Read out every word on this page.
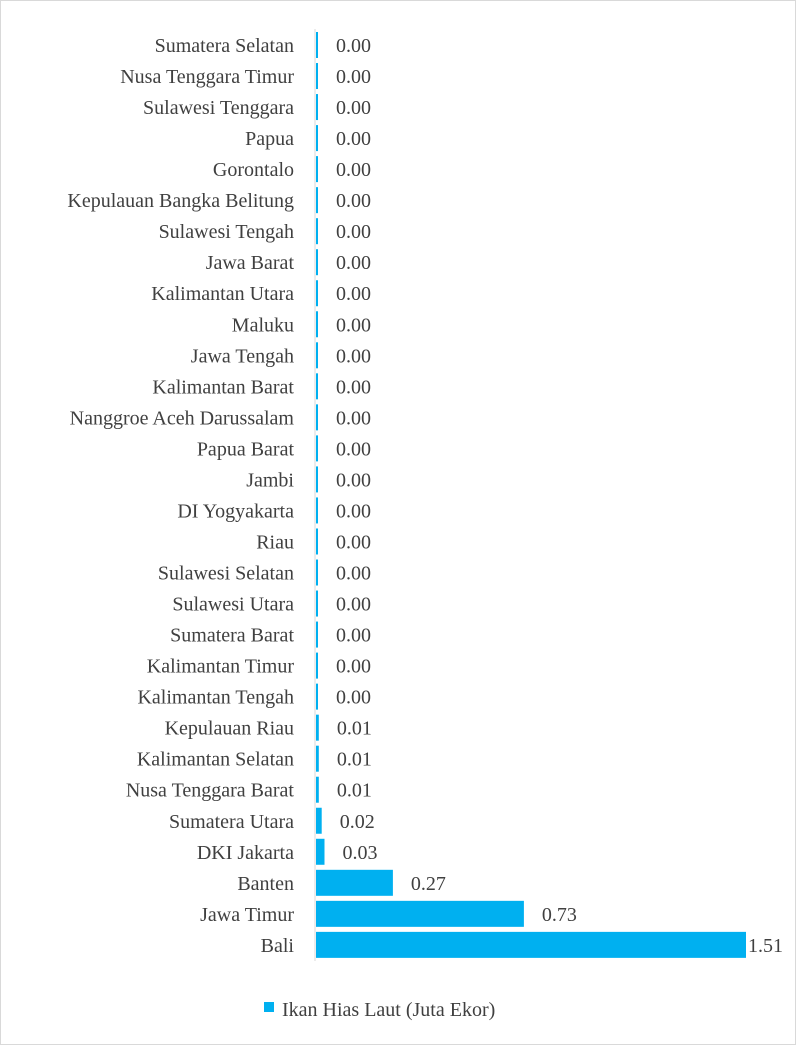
Sumatera Selatan 0.00
Nusa Tenggara Timur 0.00
Sulawesi Tenggara 0.00
Papua 0.00
Gorontalo 0.00
Kepulauan Bangka Belitung 0.00
Sulawesi Tengah 0.00
Jawa Barat 0.00
Kalimantan Utara 0.00
Maluku 0.00
Jawa Tengah 0.00
Kalimantan Barat 0.00
Nanggroe Aceh Darussalam 0.00
Papua Barat 0.00
Jambi 0.00
DI Yogyakarta 0.00
Riau 0.00
Sulawesi Selatan 0.00
Sulawesi Utara 0.00
Sumatera Barat 0.00
Kalimantan Timur 0.00
Kalimantan Tengah 0.00
Kepulauan Riau 0.01
Kalimantan Selatan 0.01
Nusa Tenggara Barat 0.01
Sumatera Utara 0.02
DKI Jakarta 0.03
Banten	0.27
Jawa Timur	0.73
Bali	1.51
Ikan Hias Laut (Juta Ekor)
